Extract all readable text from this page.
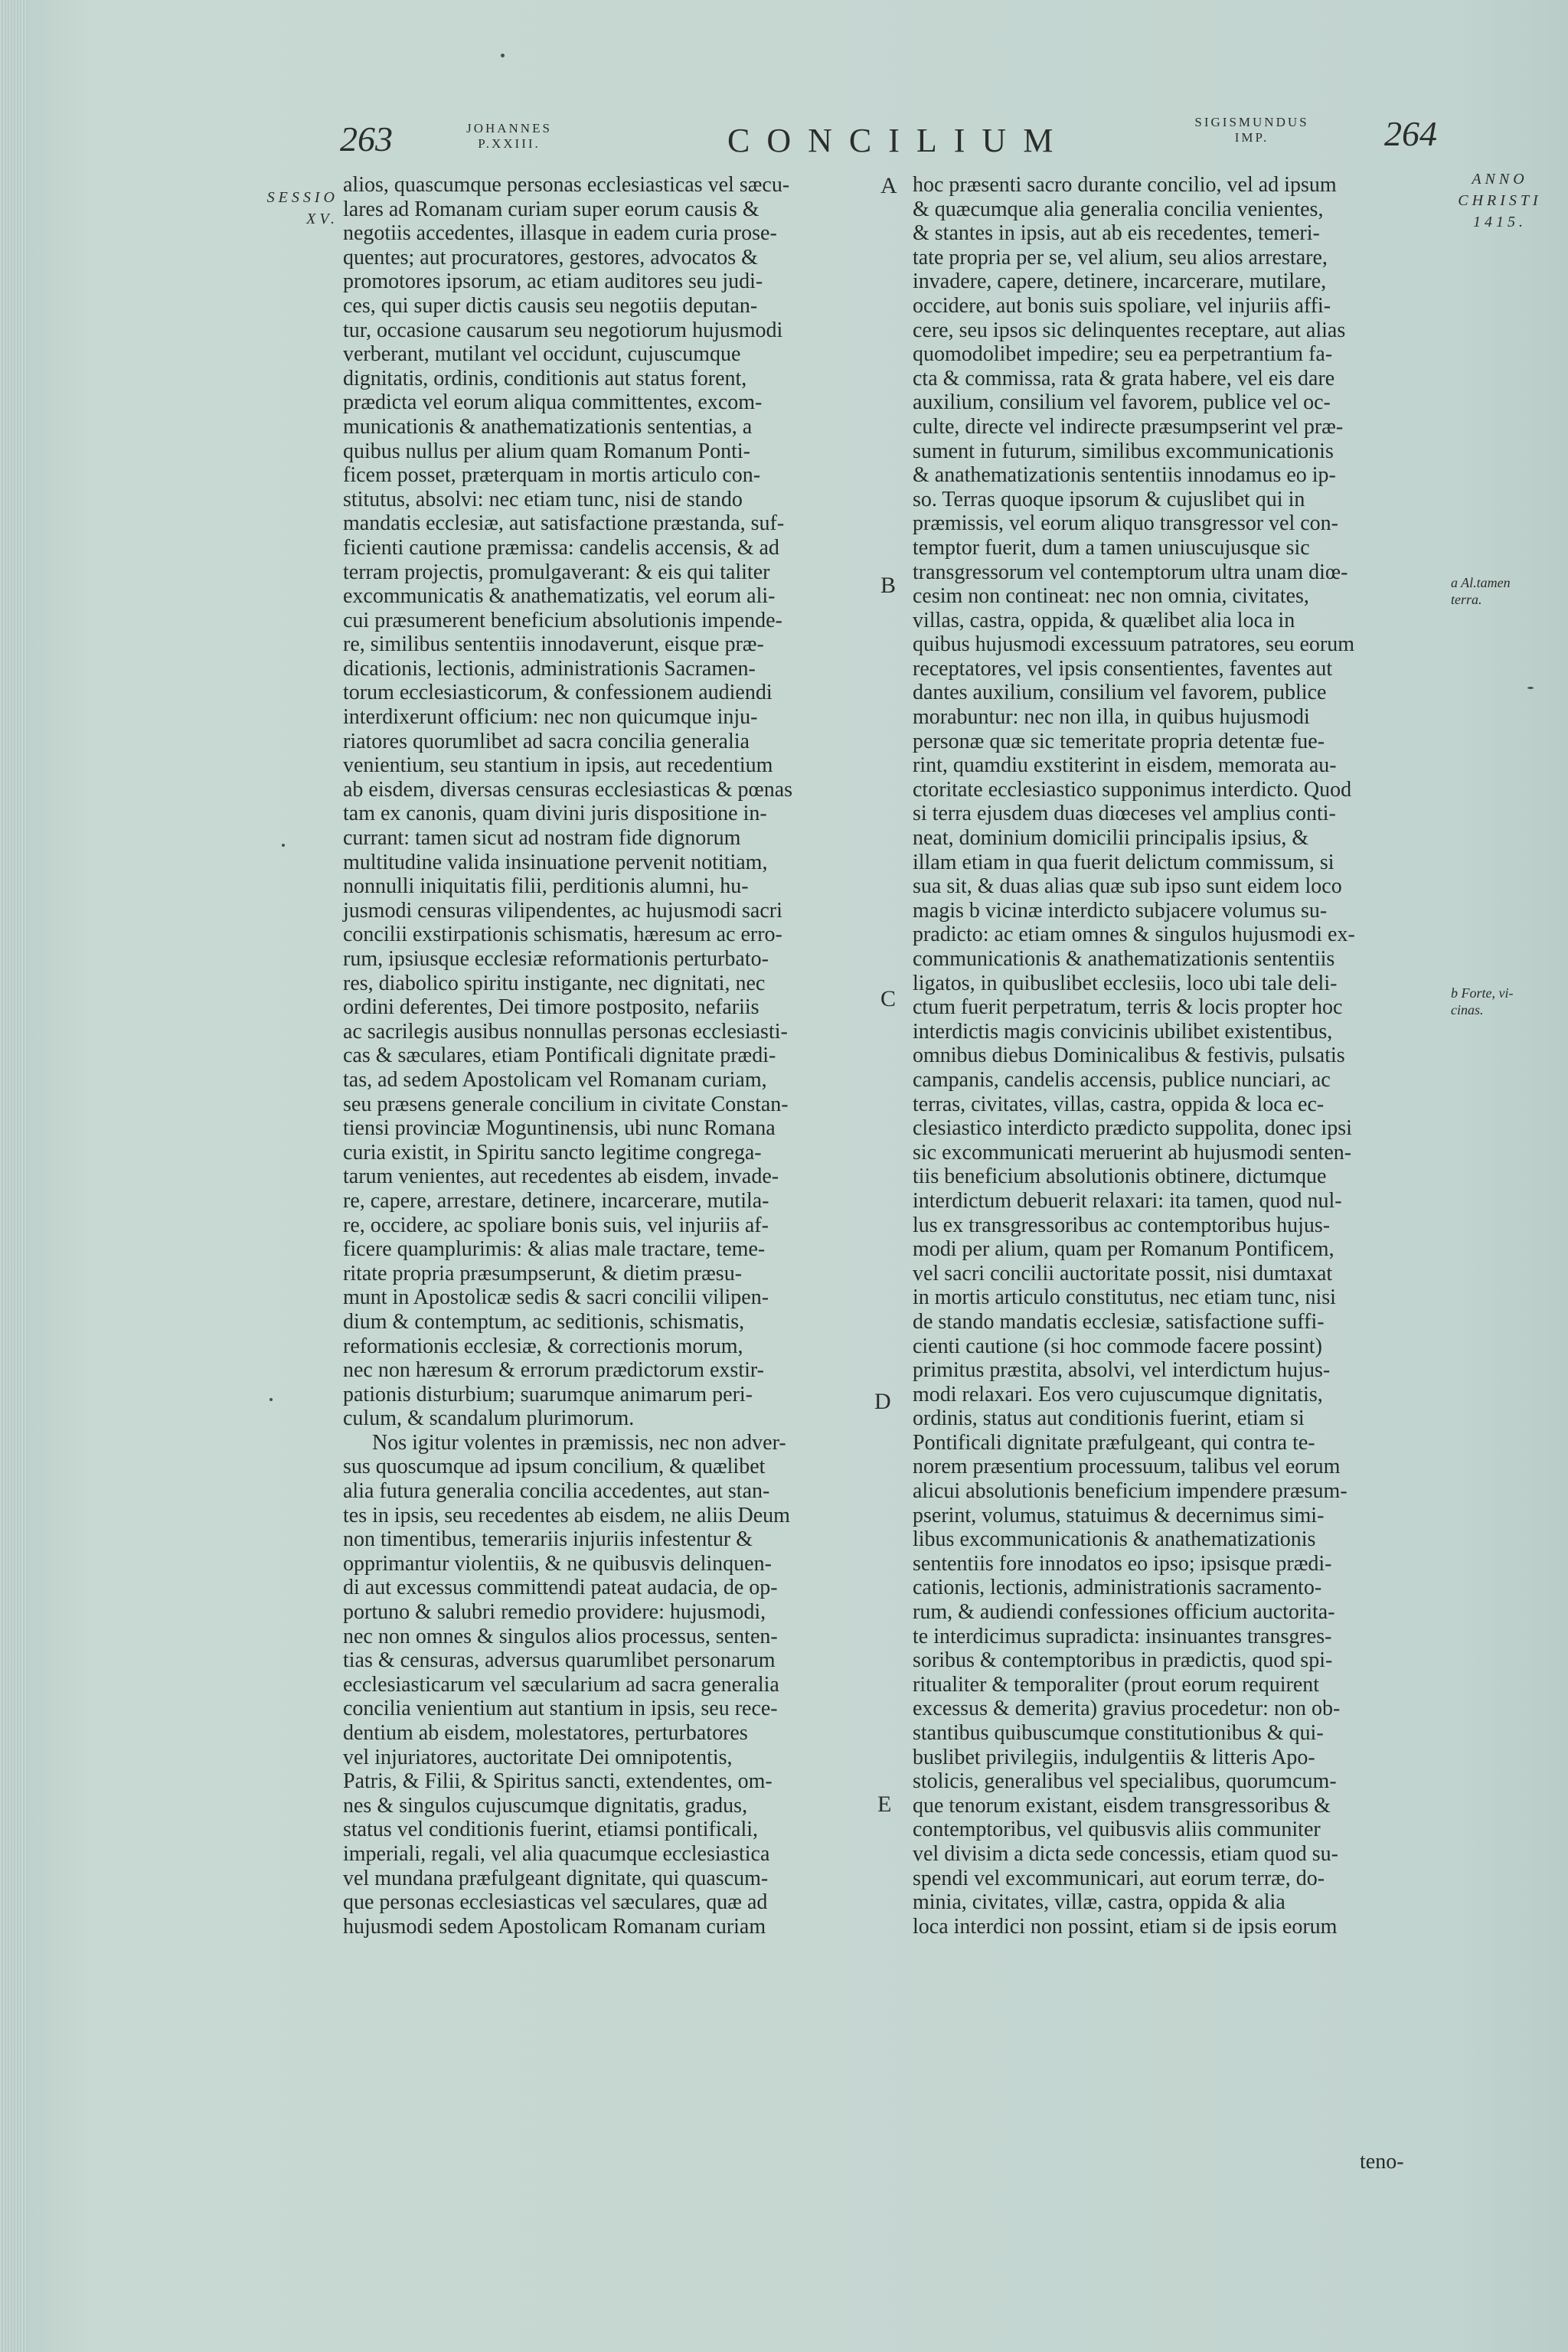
263	JOHANNES
P.XXIII.	CONCILIUM	SIGISMUNDUS
IMP.	264
SESSIO
XV.

alios, quascumque personas ecclesiasticas vel sæcu-
lares ad Romanam curiam super eorum causis &
negotiis accedentes, illasque in eadem curia prose-
quentes; aut procuratores, gestores, advocatos &
promotores ipsorum, ac etiam auditores seu judi-
ces, qui super dictis causis seu negotiis deputan-
tur, occasione causarum seu negotiorum hujusmodi
verberant, mutilant vel occidunt, cujuscumque
dignitatis, ordinis, conditionis aut status forent,
prædicta vel eorum aliqua committentes, excom-
municationis & anathematizationis sententias, a
quibus nullus per alium quam Romanum Ponti-
ficem posset, præterquam in mortis articulo con-
stitutus, absolvi: nec etiam tunc, nisi de stando
mandatis ecclesiæ, aut satisfactione præstanda, suf-
ficienti cautione præmissa: candelis accensis, & ad
terram projectis, promulgaverant: & eis qui taliter
excommunicatis & anathematizatis, vel eorum ali-
cui præsumerent beneficium absolutionis impende-
re, similibus sententiis innodaverunt, eisque præ-
dicationis, lectionis, administrationis Sacramen-
torum ecclesiasticorum, & confessionem audiendi
interdixerunt officium: nec non quicumque inju-
riatores quorumlibet ad sacra concilia generalia
venientium, seu stantium in ipsis, aut recedentium
ab eisdem, diversas censuras ecclesiasticas & pœnas
tam ex canonis, quam divini juris dispositione in-
currant: tamen sicut ad nostram fide dignorum
multitudine valida insinuatione pervenit notitiam,
nonnulli iniquitatis filii, perditionis alumni, hu-
jusmodi censuras vilipendentes, ac hujusmodi sacri
concilii exstirpationis schismatis, hæresum ac erro-
rum, ipsiusque ecclesiæ reformationis perturbato-
res, diabolico spiritu instigante, nec dignitati, nec
ordini deferentes, Dei timore postposito, nefariis
ac sacrilegis ausibus nonnullas personas ecclesiasti-
cas & sæculares, etiam Pontificali dignitate prædi-
tas, ad sedem Apostolicam vel Romanam curiam,
seu præsens generale concilium in civitate Constan-
tiensi provinciæ Moguntinensis, ubi nunc Romana
curia existit, in Spiritu sancto legitime congrega-
tarum venientes, aut recedentes ab eisdem, invade-
re, capere, arrestare, detinere, incarcerare, mutila-
re, occidere, ac spoliare bonis suis, vel injuriis af-
ficere quamplurimis: & alias male tractare, teme-
ritate propria præsumpserunt, & dietim præsu-
munt in Apostolicæ sedis & sacri concilii vilipen-
dium & contemptum, ac seditionis, schismatis,
reformationis ecclesiæ, & correctionis morum,
nec non hæresum & errorum prædictorum exstir-
pationis disturbium; suarumque animarum peri-
culum, & scandalum plurimorum.

Nos igitur volentes in præmissis, nec non adver-
sus quoscumque ad ipsum concilium, & quælibet
alia futura generalia concilia accedentes, aut stan-
tes in ipsis, seu recedentes ab eisdem, ne aliis Deum
non timentibus, temerariis injuriis infestentur &
opprimantur violentiis, & ne quibusvis delinquen-
di aut excessus committendi pateat audacia, de op-
portuno & salubri remedio providere: hujusmodi,
nec non omnes & singulos alios processus, senten-
tias & censuras, adversus quarumlibet personarum
ecclesiasticarum vel sæcularium ad sacra generalia
concilia venientium aut stantium in ipsis, seu rece-
dentium ab eisdem, molestatores, perturbatores
vel injuriatores, auctoritate Dei omnipotentis,
Patris, & Filii, & Spiritus sancti, extendentes, om-
nes & singulos cujuscumque dignitatis, gradus,
status vel conditionis fuerint, etiamsi pontificali,
imperiali, regali, vel alia quacumque ecclesiastica
vel mundana præfulgeant dignitate, qui quascum-
que personas ecclesiasticas vel sæculares, quæ ad
hujusmodi sedem Apostolicam Romanam curiam

A
B
C
D
E

hoc præsenti sacro durante concilio, vel ad ipsum
& quæcumque alia generalia concilia venientes,
& stantes in ipsis, aut ab eis recedentes, temeri-
tate propria per se, vel alium, seu alios arrestare,
invadere, capere, detinere, incarcerare, mutilare,
occidere, aut bonis suis spoliare, vel injuriis affi-
cere, seu ipsos sic delinquentes receptare, aut alias
quomodolibet impedire; seu ea perpetrantium fa-
cta & commissa, rata & grata habere, vel eis dare
auxilium, consilium vel favorem, publice vel oc-
culte, directe vel indirecte præsumpserint vel præ-
sument in futurum, similibus excommunicationis
& anathematizationis sententiis innodamus eo ip-
so. Terras quoque ipsorum & cujuslibet qui in
præmissis, vel eorum aliquo transgressor vel con-
temptor fuerit, dum a tamen uniuscujusque sic
transgressorum vel contemptorum ultra unam diœ-
cesim non contineat: nec non omnia, civitates,
villas, castra, oppida, & quælibet alia loca in
quibus hujusmodi excessuum patratores, seu eorum
receptatores, vel ipsis consentientes, faventes aut
dantes auxilium, consilium vel favorem, publice
morabuntur: nec non illa, in quibus hujusmodi
personæ quæ sic temeritate propria detentæ fue-
rint, quamdiu exstiterint in eisdem, memorata au-
ctoritate ecclesiastico supponimus interdicto. Quod
si terra ejusdem duas diœceses vel amplius conti-
neat, dominium domicilii principalis ipsius, &
illam etiam in qua fuerit delictum commissum, si
sua sit, & duas alias quæ sub ipso sunt eidem loco
magis b vicinæ interdicto subjacere volumus su-
pradicto: ac etiam omnes & singulos hujusmodi ex-
communicationis & anathematizationis sententiis
ligatos, in quibuslibet ecclesiis, loco ubi tale deli-
ctum fuerit perpetratum, terris & locis propter hoc
interdictis magis convicinis ubilibet existentibus,
omnibus diebus Dominicalibus & festivis, pulsatis
campanis, candelis accensis, publice nunciari, ac
terras, civitates, villas, castra, oppida & loca ec-
clesiastico interdicto prædicto suppolita, donec ipsi
sic excommunicati meruerint ab hujusmodi senten-
tiis beneficium absolutionis obtinere, dictumque
interdictum debuerit relaxari: ita tamen, quod nul-
lus ex transgressoribus ac contemptoribus hujus-
modi per alium, quam per Romanum Pontificem,
vel sacri concilii auctoritate possit, nisi dumtaxat
in mortis articulo constitutus, nec etiam tunc, nisi
de stando mandatis ecclesiæ, satisfactione suffi-
cienti cautione (si hoc commode facere possint)
primitus præstita, absolvi, vel interdictum hujus-
modi relaxari. Eos vero cujuscumque dignitatis,
ordinis, status aut conditionis fuerint, etiam si
Pontificali dignitate præfulgeant, qui contra te-
norem præsentium processuum, talibus vel eorum
alicui absolutionis beneficium impendere præsum-
pserint, volumus, statuimus & decernimus simi-
libus excommunicationis & anathematizationis
sententiis fore innodatos eo ipso; ipsisque prædi-
cationis, lectionis, administrationis sacramento-
rum, & audiendi confessiones officium auctorita-
te interdicimus supradicta: insinuantes transgres-
soribus & contemptoribus in prædictis, quod spi-
ritualiter & temporaliter (prout eorum requirent
excessus & demerita) gravius procedetur: non ob-
stantibus quibuscumque constitutionibus & qui-
buslibet privilegiis, indulgentiis & litteris Apo-
stolicis, generalibus vel specialibus, quorumcum-
que tenorum existant, eisdem transgressoribus &
contemptoribus, vel quibusvis aliis communiter
vel divisim a dicta sede concessis, etiam quod su-
spendi vel excommunicari, aut eorum terræ, do-
minia, civitates, villæ, castra, oppida & alia
loca interdici non possint, etiam si de ipsis eorum

teno-
ANNO
CHRISTI
1415.
a Al.tamen terra.
b Forte, vi- cinas.
